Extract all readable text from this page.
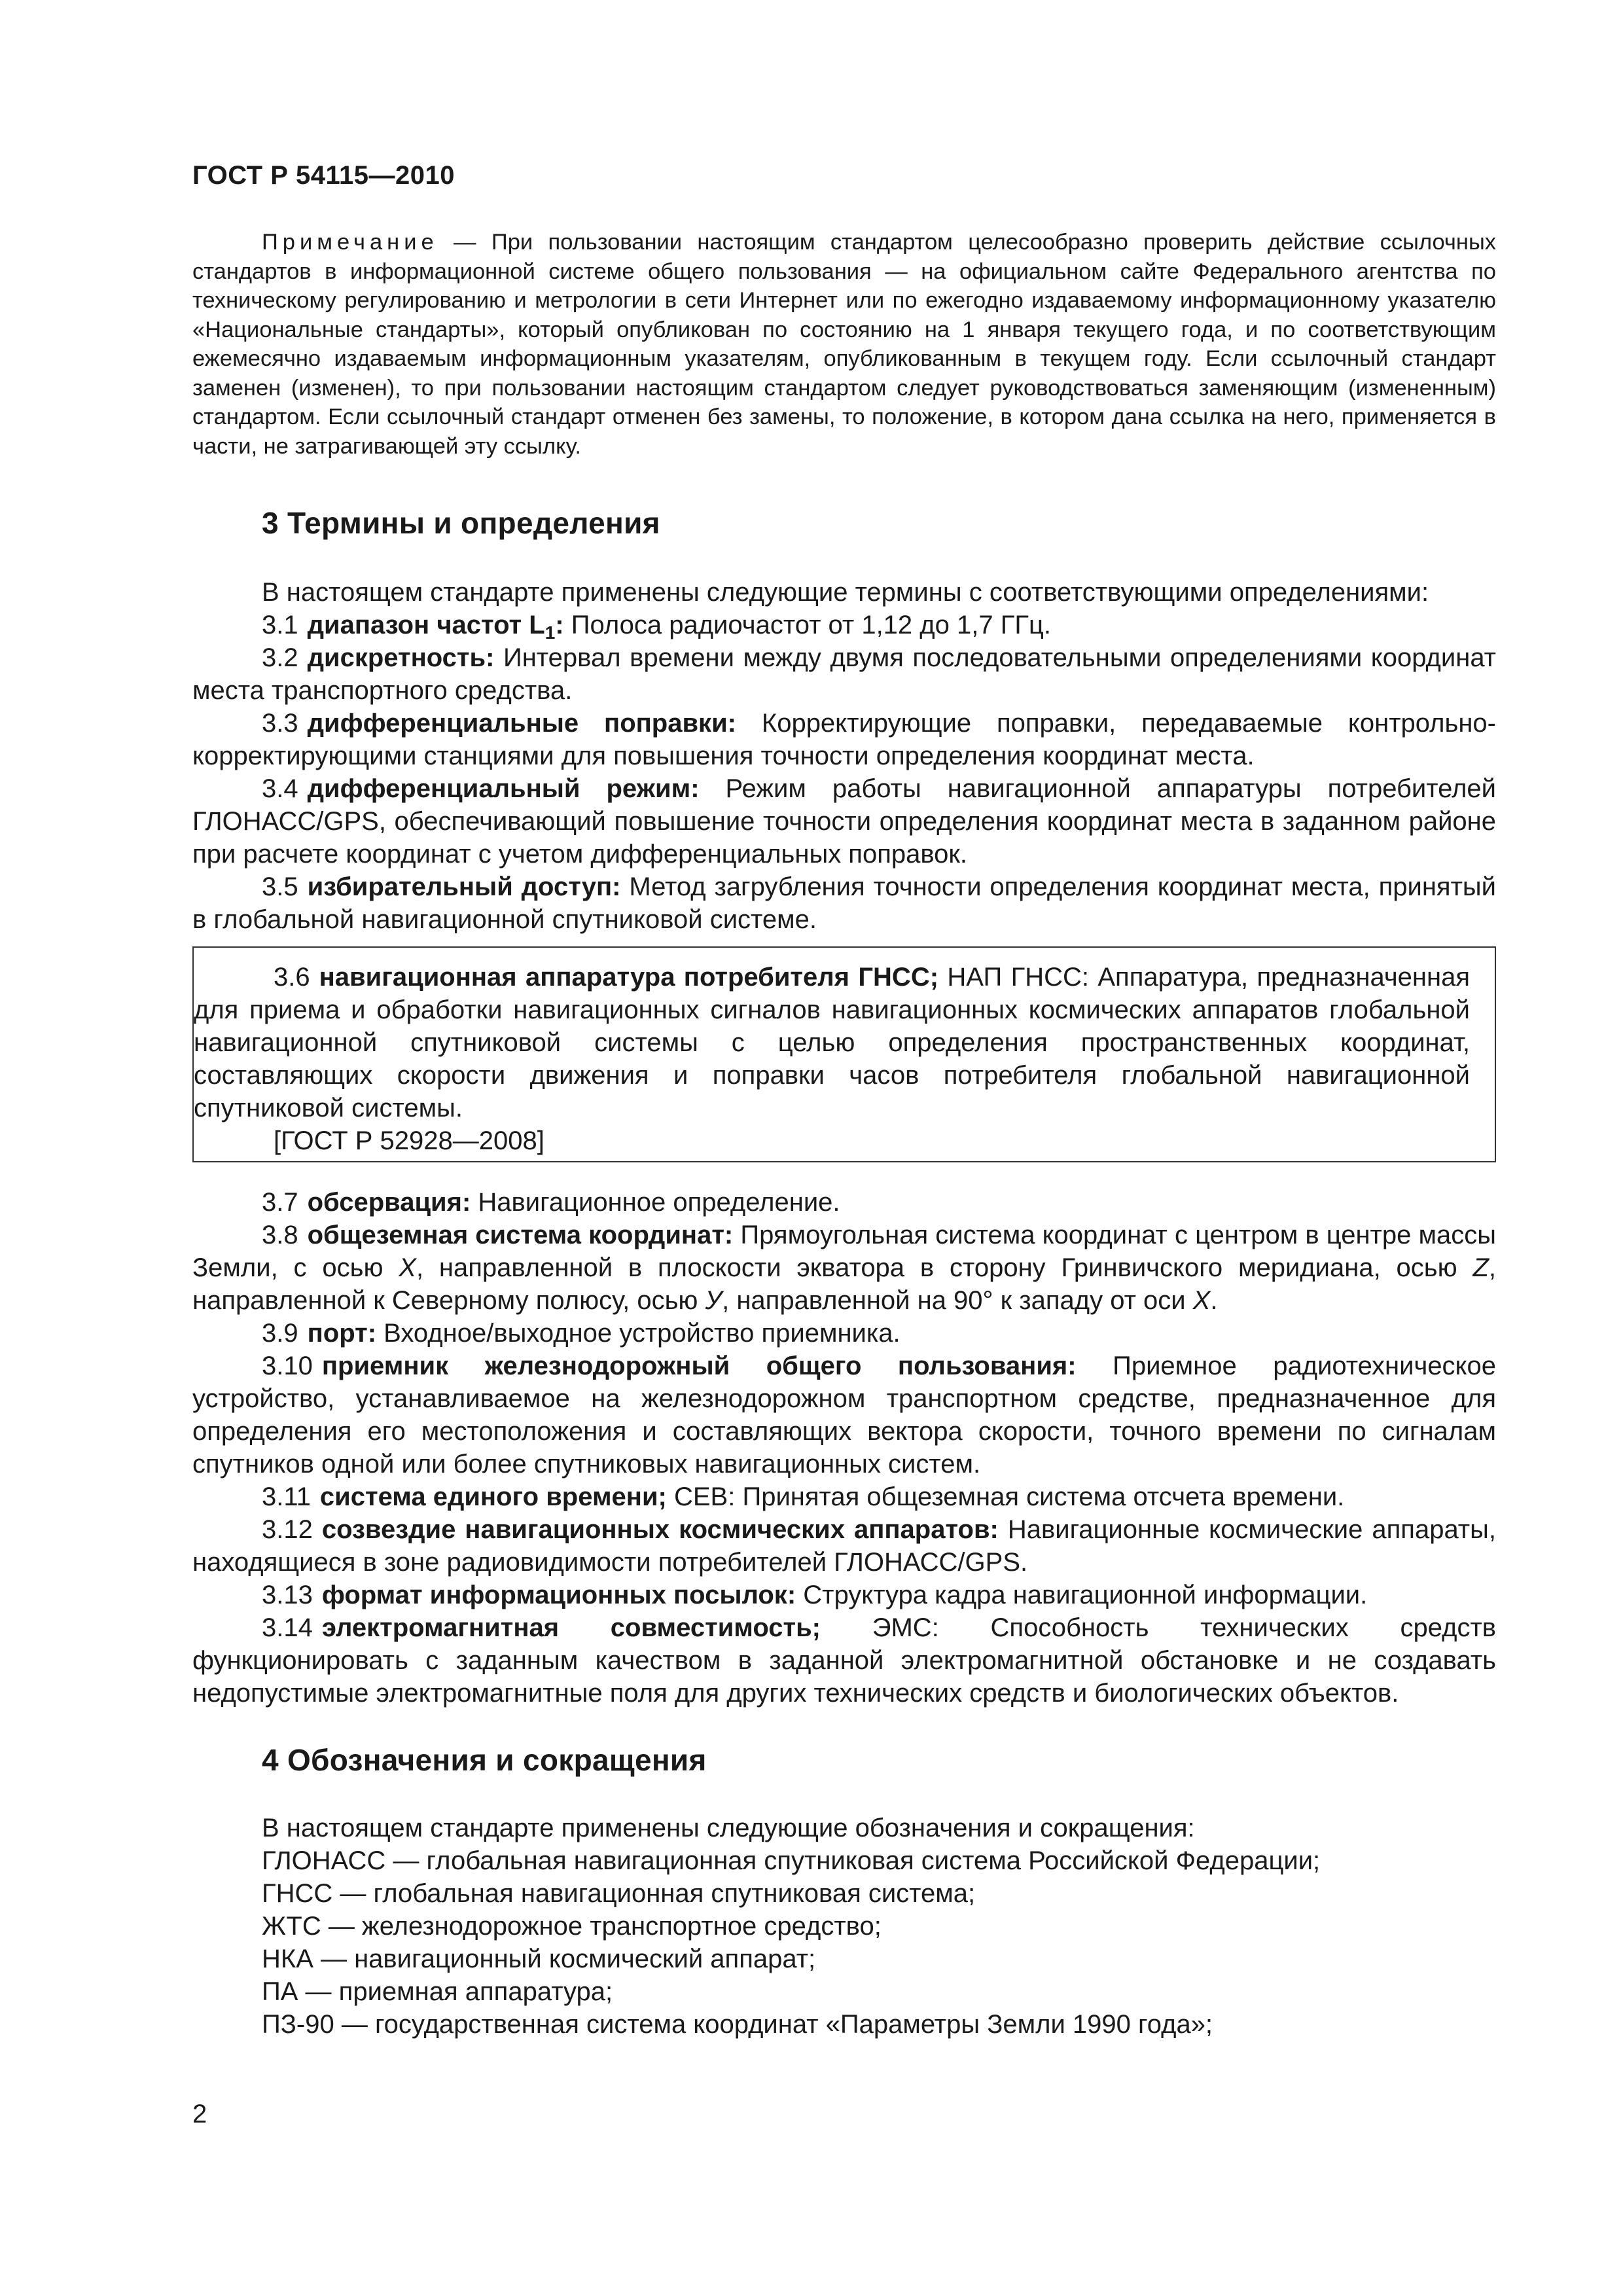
ГОСТ Р 54115—2010
Примечание — При пользовании настоящим стандартом целесообразно проверить действие ссылочных стандартов в информационной системе общего пользования — на официальном сайте Федерального агентства по техническому регулированию и метрологии в сети Интернет или по ежегодно издаваемому информационному указателю «Национальные стандарты», который опубликован по состоянию на 1 января текущего года, и по соответствующим ежемесячно издаваемым информационным указателям, опубликованным в текущем году. Если ссылочный стандарт заменен (изменен), то при пользовании настоящим стандартом следует руководствоваться заменяющим (измененным) стандартом. Если ссылочный стандарт отменен без замены, то положение, в котором дана ссылка на него, применяется в части, не затрагивающей эту ссылку.
3 Термины и определения

В настоящем стандарте применены следующие термины с соответствующими определениями:

3.1 диапазон частот $L_1$: Полоса радиочастот от 1,12 до 1,7 ГГц.

3.2 дискретность: Интервал времени между двумя последовательными определениями координат места транспортного средства.

3.3 дифференциальные поправки: Корректирующие поправки, передаваемые контрольно-корректирующими станциями для повышения точности определения координат места.

3.4 дифференциальный режим: Режим работы навигационной аппаратуры потребителей ГЛОНАСС/GPS, обеспечивающий повышение точности определения координат места в заданном районе при расчете координат с учетом дифференциальных поправок.

3.5 избирательный доступ: Метод загрубления точности определения координат места, принятый в глобальной навигационной спутниковой системе.

3.6 навигационная аппаратура потребителя ГНСС; НАП ГНСС: Аппаратура, предназначенная для приема и обработки навигационных сигналов навигационных космических аппаратов глобальной навигационной спутниковой системы с целью определения пространственных координат, составляющих скорости движения и поправки часов потребителя глобальной навигационной спутниковой системы.

[ГОСТ Р 52928—2008]

3.7 обсервация: Навигационное определение.

3.8 общеземная система координат: Прямоугольная система координат с центром в центре массы Земли, с осью X, направленной в плоскости экватора в сторону Гринвичского меридиана, осью Z, направленной к Северному полюсу, осью У, направленной на 90° к западу от оси X.

3.9 порт: Входное/выходное устройство приемника.

3.10 приемник железнодорожный общего пользования: Приемное радиотехническое устройство, устанавливаемое на железнодорожном транспортном средстве, предназначенное для определения его местоположения и составляющих вектора скорости, точного времени по сигналам спутников одной или более спутниковых навигационных систем.

3.11 система единого времени; СЕВ: Принятая общеземная система отсчета времени.

3.12 созвездие навигационных космических аппаратов: Навигационные космические аппараты, находящиеся в зоне радиовидимости потребителей ГЛОНАСС/GPS.

3.13 формат информационных посылок: Структура кадра навигационной информации.

3.14 электромагнитная совместимость; ЭМС: Способность технических средств функционировать с заданным качеством в заданной электромагнитной обстановке и не создавать недопустимые электромагнитные поля для других технических средств и биологических объектов.

4 Обозначения и сокращения

В настоящем стандарте применены следующие обозначения и сокращения:

ГЛОНАСС — глобальная навигационная спутниковая система Российской Федерации;

ГНСС — глобальная навигационная спутниковая система;

ЖТС — железнодорожное транспортное средство;

НКА — навигационный космический аппарат;

ПА — приемная аппаратура;

ПЗ-90 — государственная система координат «Параметры Земли 1990 года»;

2
